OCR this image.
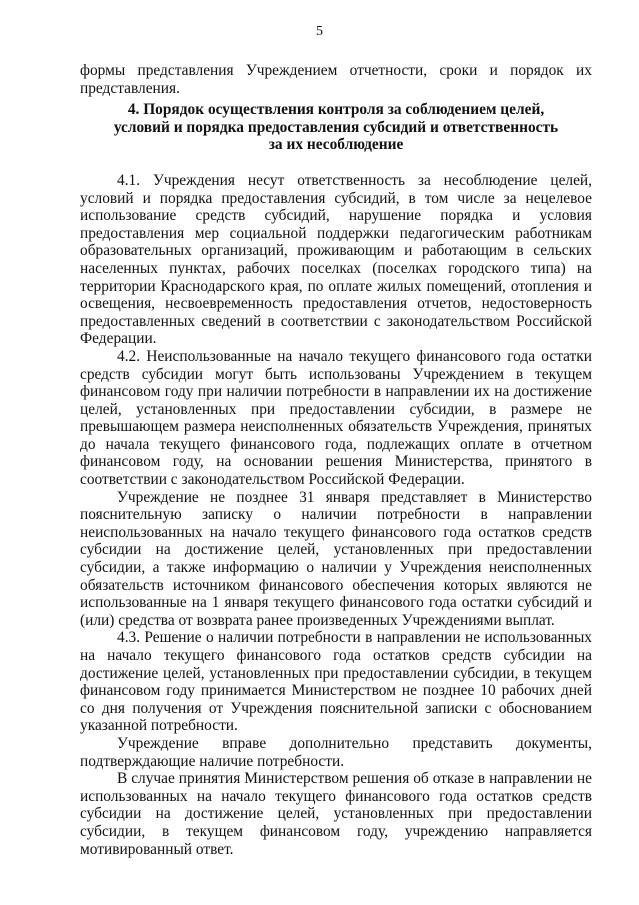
5

формы представления Учреждением отчетности, сроки и порядок их представления.

4. Порядок осуществления контроля за соблюдением целей,
условий и порядка предоставления субсидий и ответственность
за их несоблюдение

4.1. Учреждения несут ответственность за несоблюдение целей, условий и порядка предоставления субсидий, в том числе за нецелевое использование средств субсидий, нарушение порядка и условия предоставления мер социальной поддержки педагогическим работникам образовательных организаций, проживающим и работающим в сельских населенных пунктах, рабочих поселках (поселках городского типа) на территории Краснодарского края, по оплате жилых помещений, отопления и освещения, несвоевременность предоставления отчетов, недостоверность предоставленных сведений в соответствии с законодательством Российской Федерации.

4.2. Неиспользованные на начало текущего финансового года остатки средств субсидии могут быть использованы Учреждением в текущем финансовом году при наличии потребности в направлении их на достижение целей, установленных при предоставлении субсидии, в размере не превышающем размера неисполненных обязательств Учреждения, принятых до начала текущего финансового года, подлежащих оплате в отчетном финансовом году, на основании решения Министерства, принятого в соответствии с законодательством Российской Федерации.

Учреждение не позднее 31 января представляет в Министерство пояснительную записку о наличии потребности в направлении неиспользованных на начало текущего финансового года остатков средств субсидии на достижение целей, установленных при предоставлении субсидии, а также информацию о наличии у Учреждения неисполненных обязательств источником финансового обеспечения которых являются не использованные на 1 января текущего финансового года остатки субсидий и (или) средства от возврата ранее произведенных Учреждениями выплат.

4.3. Решение о наличии потребности в направлении не использованных на начало текущего финансового года остатков средств субсидии на достижение целей, установленных при предоставлении субсидии, в текущем финансовом году принимается Министерством не позднее 10 рабочих дней со дня получения от Учреждения пояснительной записки с обоснованием указанной потребности.

Учреждение вправе дополнительно представить документы, подтверждающие наличие потребности.

В случае принятия Министерством решения об отказе в направлении не использованных на начало текущего финансового года остатков средств субсидии на достижение целей, установленных при предоставлении субсидии, в текущем финансовом году, учреждению направляется мотивированный ответ.
